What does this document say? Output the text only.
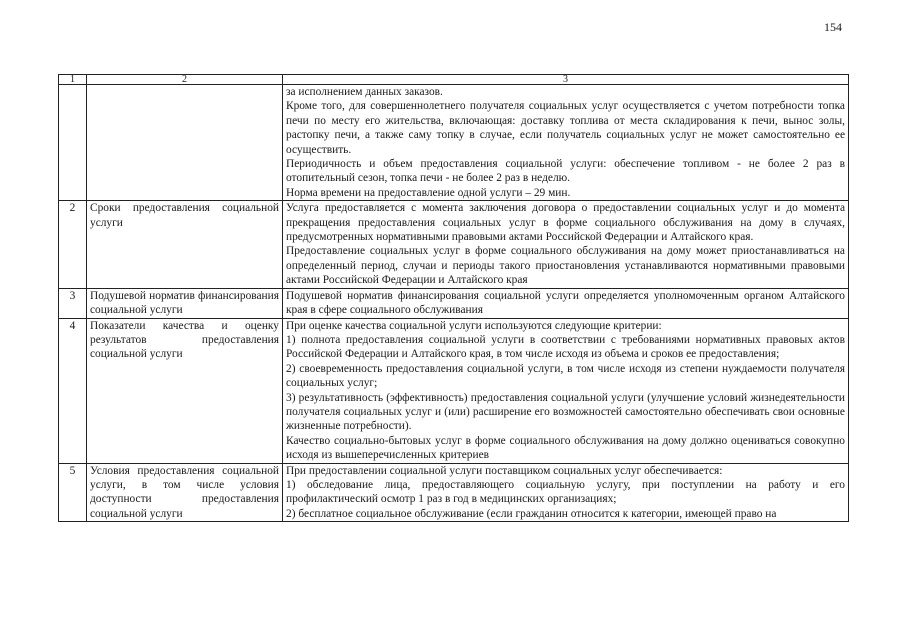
154
1	2	3

		за исполнением данных заказов.
Кроме того, для совершеннолетнего получателя социальных услуг осуществляется с учетом потребности топка печи по месту его жительства, включающая: доставку топлива от места складирования к печи, вынос золы, растопку печи, а также саму топку в случае, если получатель социальных услуг не может самостоятельно ее осуществить.
Периодичность и объем предоставления социальной услуги: обеспечение топливом - не более 2 раз в отопительный сезон, топка печи - не более 2 раз в неделю.
Норма времени на предоставление одной услуги – 29 мин.

2	Сроки предоставления социальной услуги	Услуга предоставляется с момента заключения договора о предоставлении социальных услуг и до момента прекращения предоставления социальных услуг в форме социального обслуживания на дому в случаях, предусмотренных нормативными правовыми актами Российской Федерации и Алтайского края.
Предоставление социальных услуг в форме социального обслуживания на дому может приостанавливаться на определенный период, случаи и периоды такого приостановления устанавливаются нормативными правовыми актами Российской Федерации и Алтайского края

3	Подушевой норматив финансирования социальной услуги	Подушевой норматив финансирования социальной услуги определяется уполномоченным органом Алтайского края в сфере социального обслуживания

4	Показатели качества и оценку результатов предоставления социальной услуги	При оценке качества социальной услуги используются следующие критерии:
1) полнота предоставления социальной услуги в соответствии с требованиями нормативных правовых актов Российской Федерации и Алтайского края, в том числе исходя из объема и сроков ее предоставления;
2) своевременность предоставления социальной услуги, в том числе исходя из степени нуждаемости получателя социальных услуг;
3) результативность (эффективность) предоставления социальной услуги (улучшение условий жизнедеятельности получателя социальных услуг и (или) расширение его возможностей самостоятельно обеспечивать свои основные жизненные потребности).
Качество социально-бытовых услуг в форме социального обслуживания на дому должно оцениваться совокупно исходя из вышеперечисленных критериев

5	Условия предоставления социальной услуги, в том числе условия доступности предоставления социальной услуги	При предоставлении социальной услуги поставщиком социальных услуг обеспечивается:
1) обследование лица, предоставляющего социальную услугу, при поступлении на работу и его профилактический осмотр 1 раз в год в медицинских организациях;
2) бесплатное социальное обслуживание (если гражданин относится к категории, имеющей право на
